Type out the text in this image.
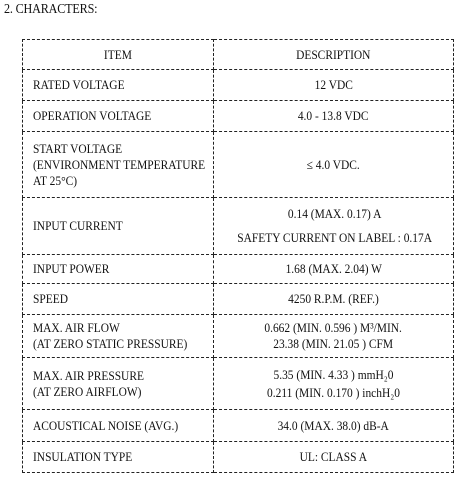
2. CHARACTERS:
ITEM	DESCRIPTION

RATED VOLTAGE	12 VDC

OPERATION VOLTAGE	4.0 - 13.8 VDC

START VOLTAGE
(ENVIRONMENT TEMPERATURE
AT 25°C)	≤ 4.0 VDC.

INPUT CURRENT	0.14 (MAX. 0.17) A
SAFETY CURRENT ON LABEL : 0.17A

INPUT POWER	1.68 (MAX. 2.04) W

SPEED	4250 R.P.M. (REF.)

MAX. AIR FLOW
(AT ZERO STATIC PRESSURE)	0.662 (MIN. 0.596 ) M³/MIN.
23.38 (MIN. 21.05 ) CFM

MAX. AIR PRESSURE
(AT ZERO AIRFLOW)	5.35 (MIN. 4.33 ) mmH₂0
0.211 (MIN. 0.170 ) inchH₂0

ACOUSTICAL NOISE (AVG.)	34.0 (MAX. 38.0) dB-A

INSULATION TYPE	UL: CLASS A
